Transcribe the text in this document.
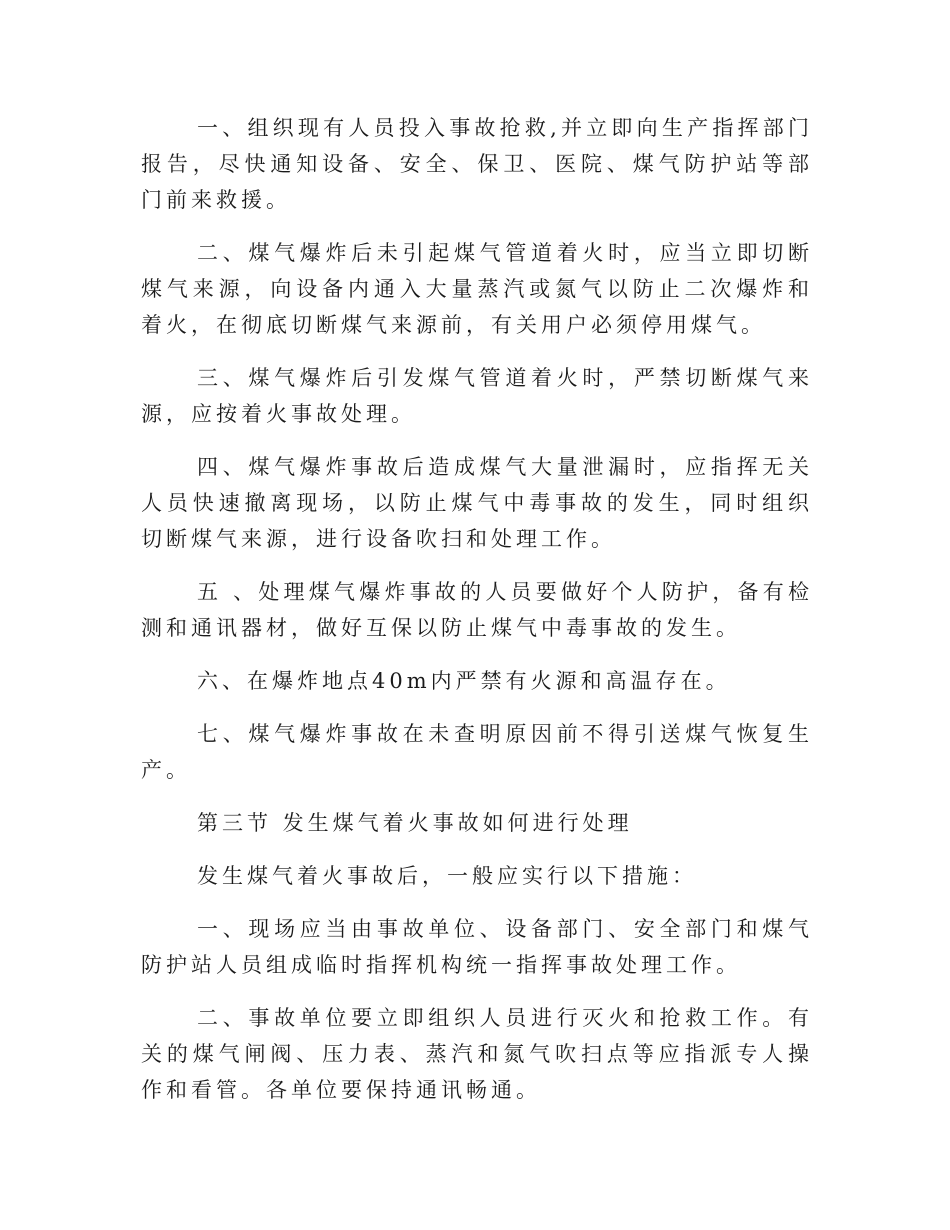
一、组织现有人员投入事故抢救,并立即向生产指挥部门报告，尽快通知设备、安全、保卫、医院、煤气防护站等部门前来救援。

二、煤气爆炸后未引起煤气管道着火时，应当立即切断煤气来源，向设备内通入大量蒸汽或氮气以防止二次爆炸和着火，在彻底切断煤气来源前，有关用户必须停用煤气。

三、煤气爆炸后引发煤气管道着火时，严禁切断煤气来源，应按着火事故处理。

四、煤气爆炸事故后造成煤气大量泄漏时，应指挥无关人员快速撤离现场，以防止煤气中毒事故的发生，同时组织切断煤气来源，进行设备吹扫和处理工作。

五 、处理煤气爆炸事故的人员要做好个人防护，备有检测和通讯器材，做好互保以防止煤气中毒事故的发生。

六、在爆炸地点40m内严禁有火源和高温存在。

七、煤气爆炸事故在未查明原因前不得引送煤气恢复生产。

第三节 发生煤气着火事故如何进行处理

发生煤气着火事故后，一般应实行以下措施：

一、现场应当由事故单位、设备部门、安全部门和煤气防护站人员组成临时指挥机构统一指挥事故处理工作。

二、事故单位要立即组织人员进行灭火和抢救工作。有关的煤气闸阀、压力表、蒸汽和氮气吹扫点等应指派专人操作和看管。各单位要保持通讯畅通。
